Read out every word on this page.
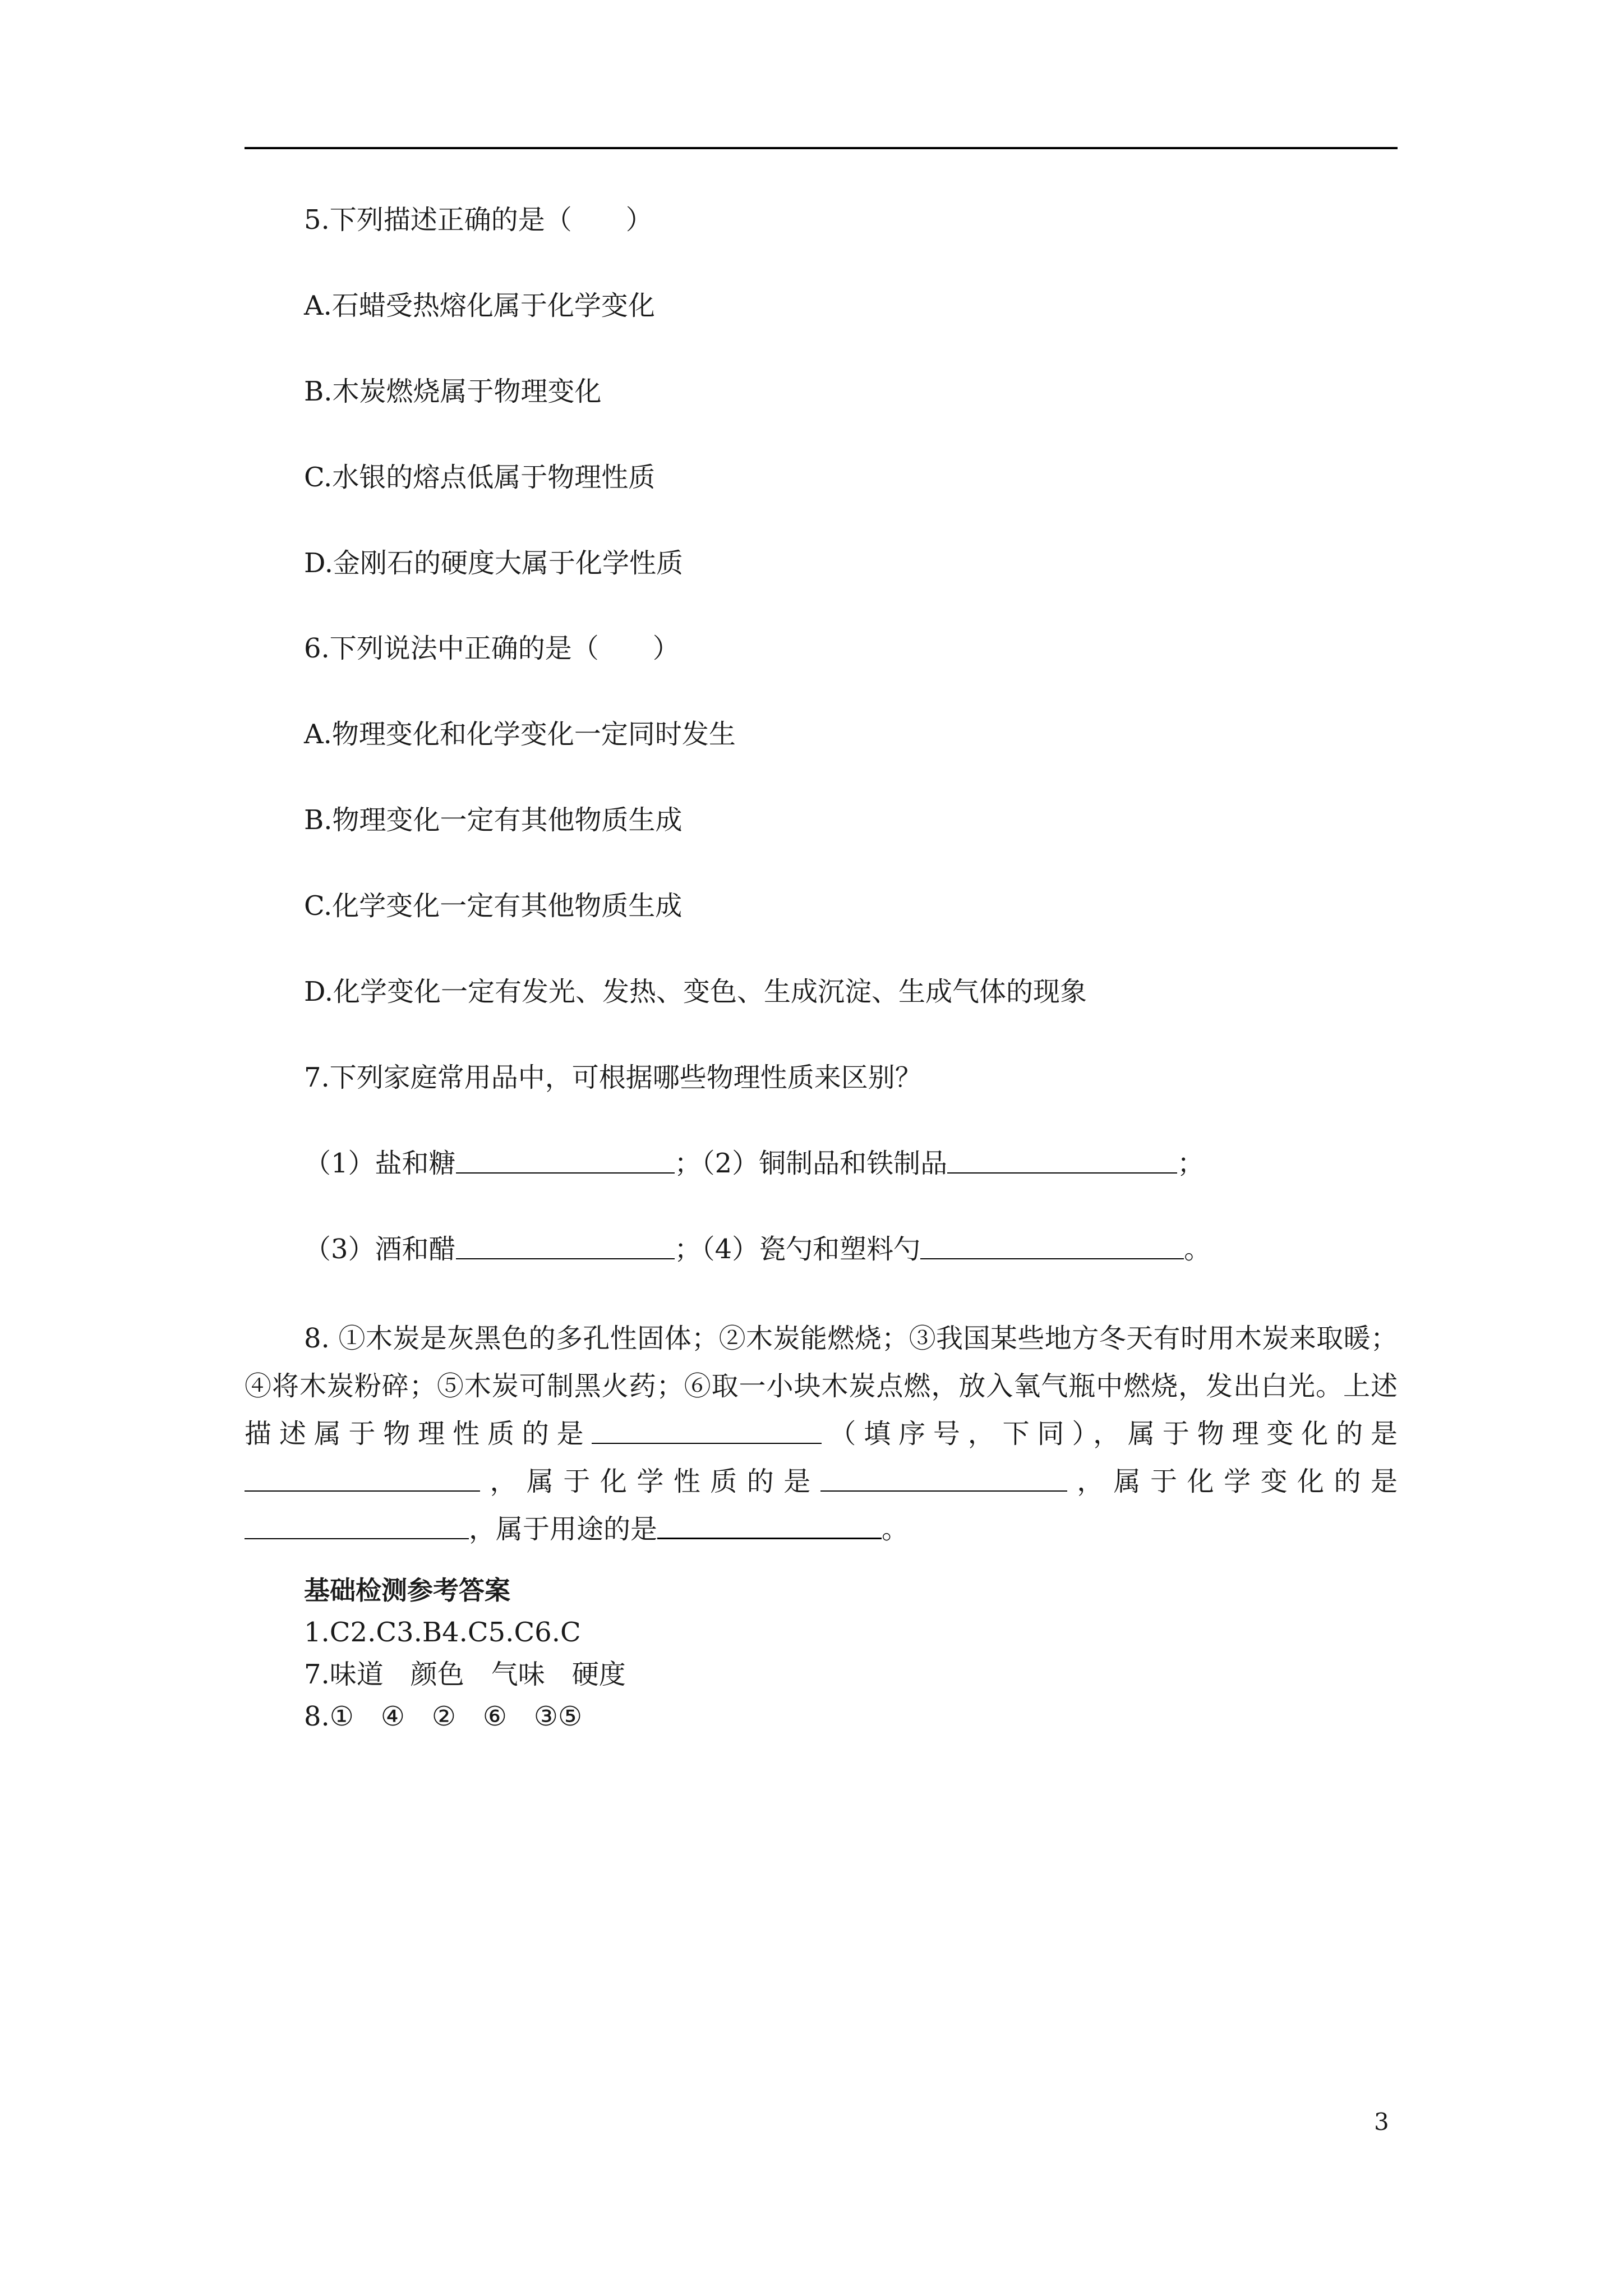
5.下列描述正确的是（　　）
A.石蜡受热熔化属于化学变化
B.木炭燃烧属于物理变化
C.水银的熔点低属于物理性质
D.金刚石的硬度大属于化学性质
6.下列说法中正确的是（　　）
A.物理变化和化学变化一定同时发生
B.物理变化一定有其他物质生成
C.化学变化一定有其他物质生成
D.化学变化一定有发光、发热、变色、生成沉淀、生成气体的现象
7.下列家庭常用品中，可根据哪些物理性质来区别？
（1）盐和糖	；（2）铜制品和铁制品	；
（3）酒和醋	；（4）瓷勺和塑料勺	。
8. ①木炭是灰黑色的多孔性固体；②木炭能燃烧；③我国某些地方冬天有时用木炭来取暖；④将木炭粉碎；⑤木炭可制黑火药；⑥取一小块木炭点燃，放入氧气瓶中燃烧，发出白光。上述描述属于物理性质的是	（填序号，下同），属于物理变化的是，属于化学性质的是	，属于化学变化的是，属于用途的是	。
基础检测参考答案
1.C2.C3.B4.C5.C6.C
7.味道　颜色　气味　硬度
8.①　④　②　⑥　③⑤
3
